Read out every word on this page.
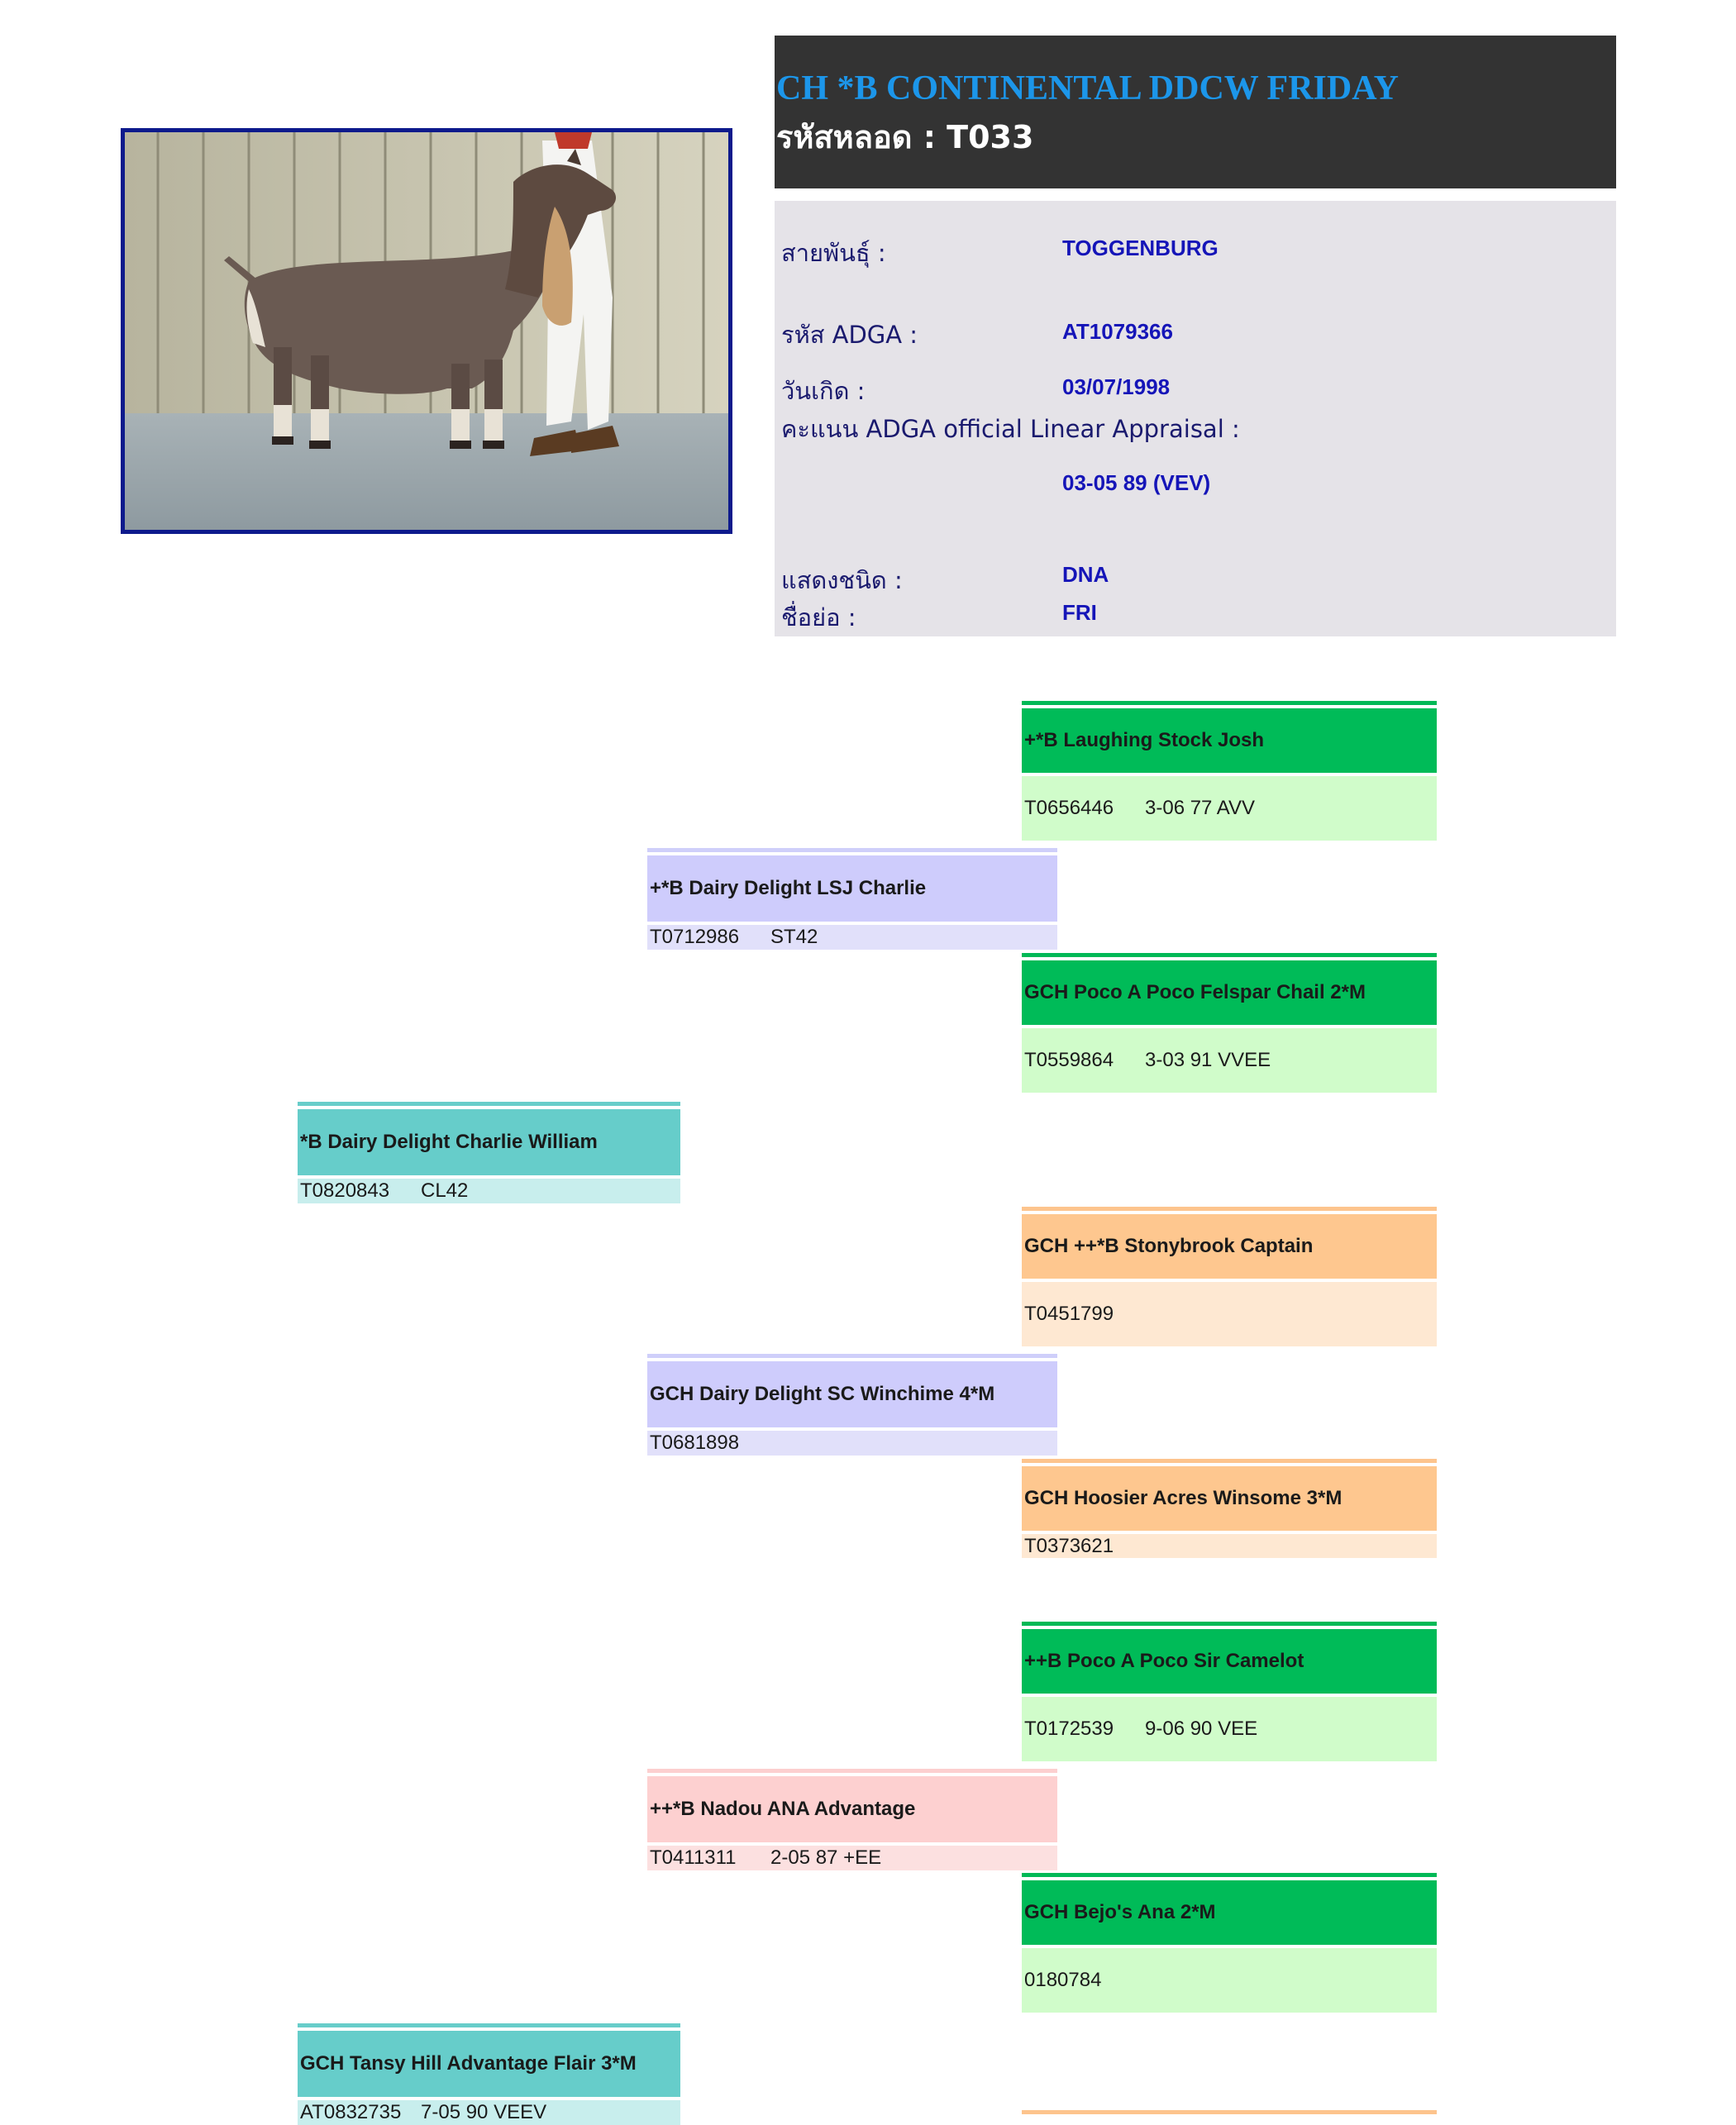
CH *B CONTINENTAL DDCW FRIDAY
รหัสหลอด : T033
สายพันธุ์ :	TOGGENBURG
รหัส ADGA :	AT1079366
วันเกิด :	03/07/1998
คะแนน ADGA official Linear Appraisal :
03-05 89 (VEV)
แสดงชนิด :	DNA
ชื่อย่อ :	FRI
+*B Laughing Stock Josh
T0656446	3-06 77 AVV
GCH Poco A Poco Felspar Chail 2*M
T0559864	3-03 91 VVEE
GCH ++*B Stonybrook Captain
T0451799
GCH Hoosier Acres Winsome 3*M
T0373621
++B Poco A Poco Sir Camelot
T0172539	9-06 90 VEE
GCH Bejo's Ana 2*M
0180784
+*B Dairy Delight LSJ Charlie
T0712986	ST42
GCH Dairy Delight SC Winchime 4*M
T0681898
++*B Nadou ANA Advantage
T0411311	2-05 87 +EE
*B Dairy Delight Charlie William
T0820843	CL42
GCH Tansy Hill Advantage Flair 3*M
AT0832735 7-05 90 VEEV
